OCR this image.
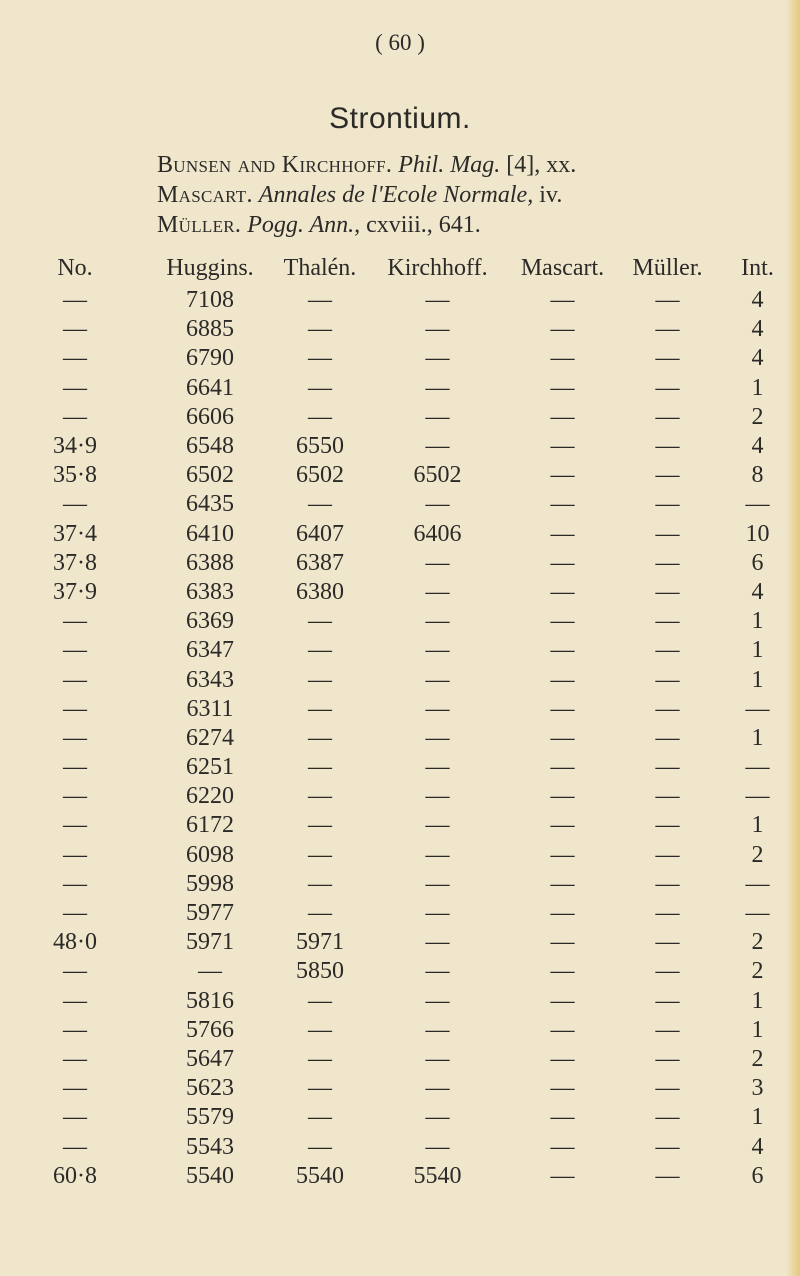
( 60 )
Strontium.
Bunsen and Kirchhoff. Phil. Mag. [4], xx.
Mascart. Annales de l'Ecole Normale, iv.
Müller. Pogg. Ann., cxviii., 641.
No.	Huggins.	Thalén.	Kirchhoff.	Mascart.	Müller.	Int.
—	7108	—	—	—	—	4
—	6885	—	—	—	—	4
—	6790	—	—	—	—	4
—	6641	—	—	—	—	1
—	6606	—	—	—	—	2
34·9	6548	6550	—	—	—	4
35·8	6502	6502	6502	—	—	8
—	6435	—	—	—	—	—
37·4	6410	6407	6406	—	—	10
37·8	6388	6387	—	—	—	6
37·9	6383	6380	—	—	—	4
—	6369	—	—	—	—	1
—	6347	—	—	—	—	1
—	6343	—	—	—	—	1
—	6311	—	—	—	—	—
—	6274	—	—	—	—	1
—	6251	—	—	—	—	—
—	6220	—	—	—	—	—
—	6172	—	—	—	—	1
—	6098	—	—	—	—	2
—	5998	—	—	—	—	—
—	5977	—	—	—	—	—
48·0	5971	5971	—	—	—	2
—	—	5850	—	—	—	2
—	5816	—	—	—	—	1
—	5766	—	—	—	—	1
—	5647	—	—	—	—	2
—	5623	—	—	—	—	3
—	5579	—	—	—	—	1
—	5543	—	—	—	—	4
60·8	5540	5540	5540	—	—	6
